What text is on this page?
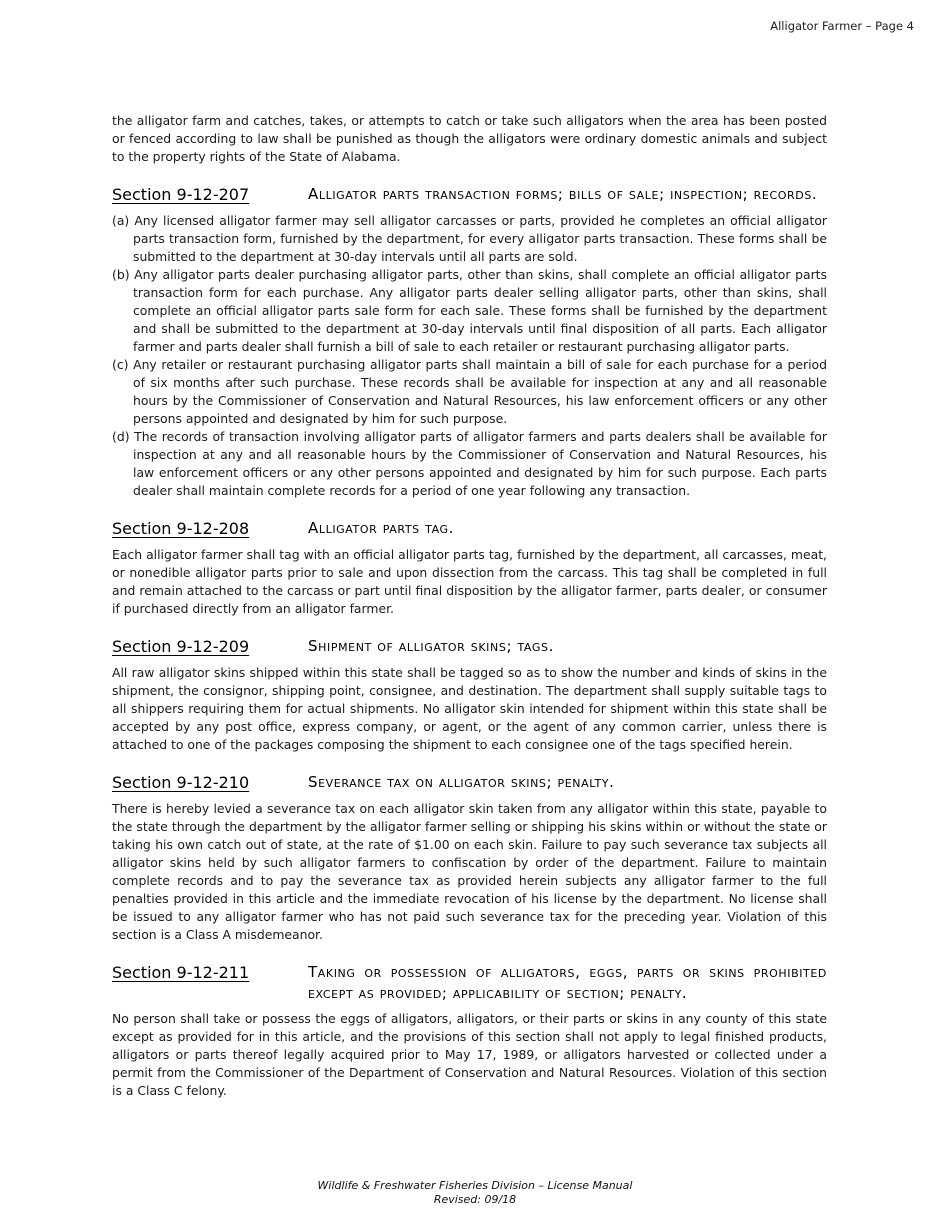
Alligator Farmer – Page 4

the alligator farm and catches, takes, or attempts to catch or take such alligators when the area has been posted or fenced according to law shall be punished as though the alligators were ordinary domestic animals and subject to the property rights of the State of Alabama.

Section 9-12-207	Alligator parts transaction forms; bills of sale; inspection; records.

(a) Any licensed alligator farmer may sell alligator carcasses or parts, provided he completes an official alligator parts transaction form, furnished by the department, for every alligator parts transaction. These forms shall be submitted to the department at 30-day intervals until all parts are sold.

(b) Any alligator parts dealer purchasing alligator parts, other than skins, shall complete an official alligator parts transaction form for each purchase. Any alligator parts dealer selling alligator parts, other than skins, shall complete an official alligator parts sale form for each sale. These forms shall be furnished by the department and shall be submitted to the department at 30-day intervals until final disposition of all parts. Each alligator farmer and parts dealer shall furnish a bill of sale to each retailer or restaurant purchasing alligator parts.

(c) Any retailer or restaurant purchasing alligator parts shall maintain a bill of sale for each purchase for a period of six months after such purchase. These records shall be available for inspection at any and all reasonable hours by the Commissioner of Conservation and Natural Resources, his law enforcement officers or any other persons appointed and designated by him for such purpose.

(d) The records of transaction involving alligator parts of alligator farmers and parts dealers shall be available for inspection at any and all reasonable hours by the Commissioner of Conservation and Natural Resources, his law enforcement officers or any other persons appointed and designated by him for such purpose. Each parts dealer shall maintain complete records for a period of one year following any transaction.

Section 9-12-208	Alligator parts tag.

Each alligator farmer shall tag with an official alligator parts tag, furnished by the department, all carcasses, meat, or nonedible alligator parts prior to sale and upon dissection from the carcass. This tag shall be completed in full and remain attached to the carcass or part until final disposition by the alligator farmer, parts dealer, or consumer if purchased directly from an alligator farmer.

Section 9-12-209	Shipment of alligator skins; tags.

All raw alligator skins shipped within this state shall be tagged so as to show the number and kinds of skins in the shipment, the consignor, shipping point, consignee, and destination. The department shall supply suitable tags to all shippers requiring them for actual shipments. No alligator skin intended for shipment within this state shall be accepted by any post office, express company, or agent, or the agent of any common carrier, unless there is attached to one of the packages composing the shipment to each consignee one of the tags specified herein.

Section 9-12-210	Severance tax on alligator skins; penalty.

There is hereby levied a severance tax on each alligator skin taken from any alligator within this state, payable to the state through the department by the alligator farmer selling or shipping his skins within or without the state or taking his own catch out of state, at the rate of $1.00 on each skin. Failure to pay such severance tax subjects all alligator skins held by such alligator farmers to confiscation by order of the department. Failure to maintain complete records and to pay the severance tax as provided herein subjects any alligator farmer to the full penalties provided in this article and the immediate revocation of his license by the department. No license shall be issued to any alligator farmer who has not paid such severance tax for the preceding year. Violation of this section is a Class A misdemeanor.

Section 9-12-211	Taking or possession of alligators, eggs, parts or skins prohibited except as provided; applicability of section; penalty.

No person shall take or possess the eggs of alligators, alligators, or their parts or skins in any county of this state except as provided for in this article, and the provisions of this section shall not apply to legal finished products, alligators or parts thereof legally acquired prior to May 17, 1989, or alligators harvested or collected under a permit from the Commissioner of the Department of Conservation and Natural Resources. Violation of this section is a Class C felony.

Wildlife & Freshwater Fisheries Division – License Manual
Revised: 09/18
